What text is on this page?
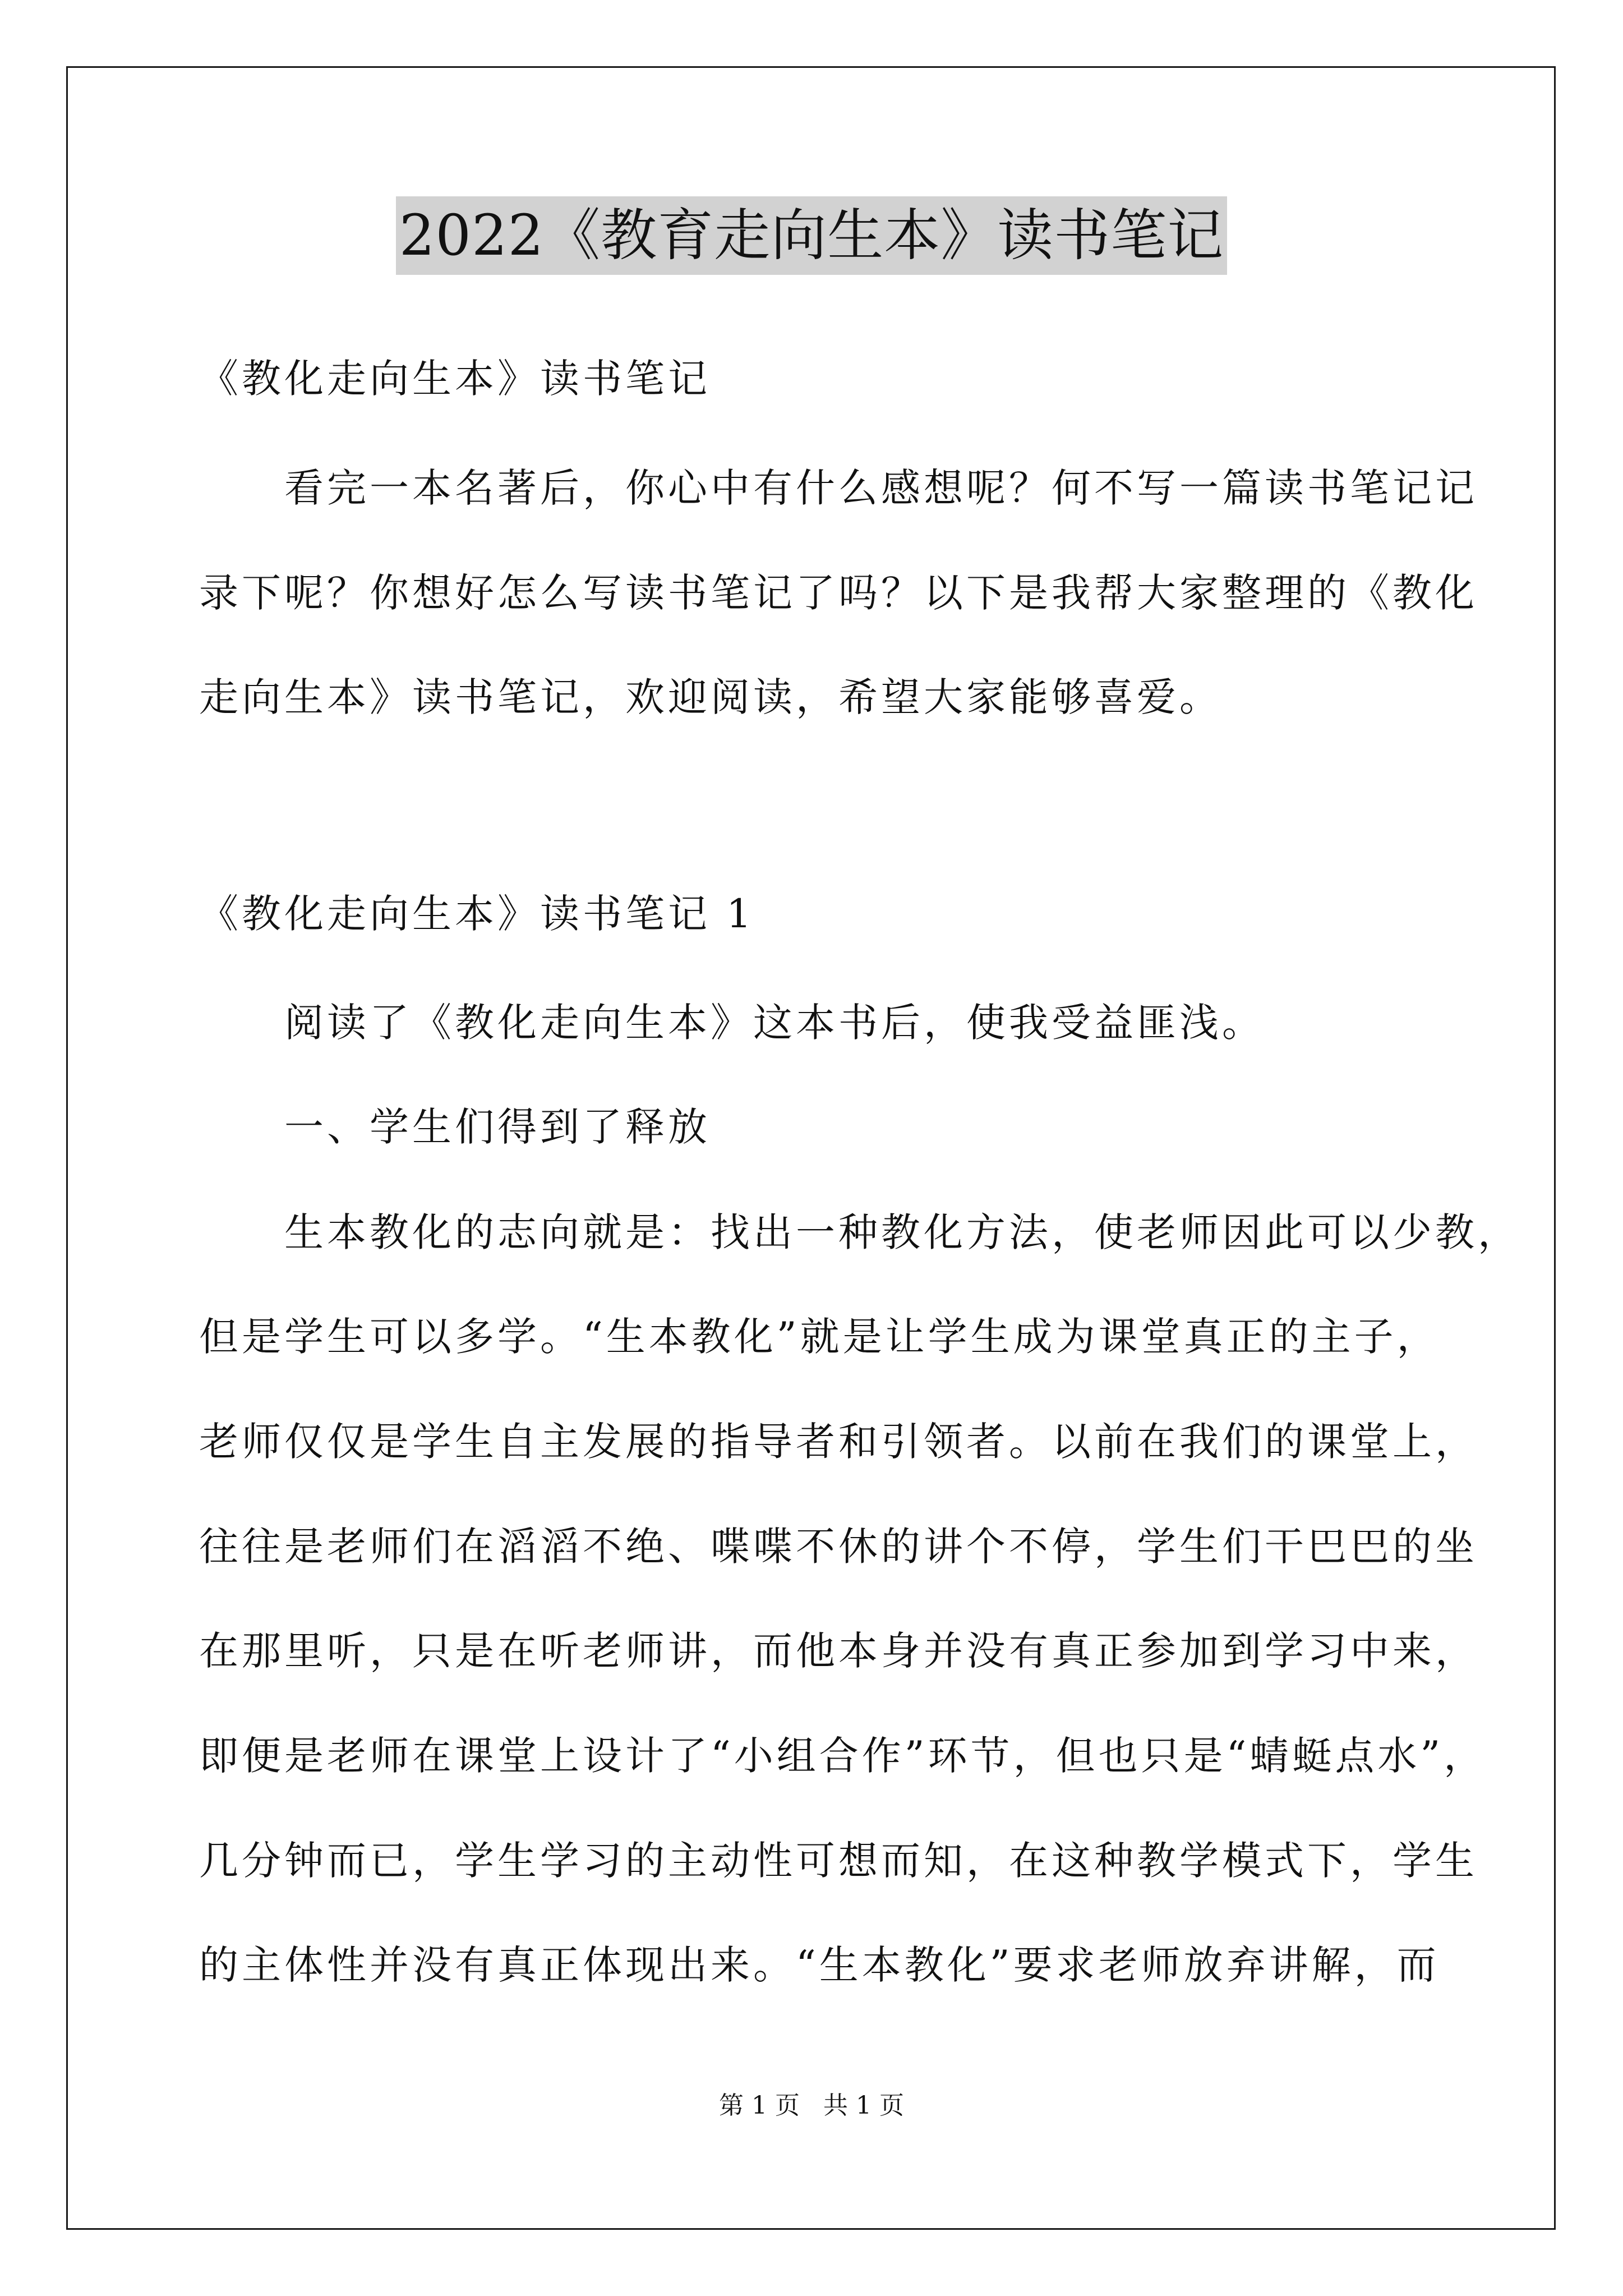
2022《教育走向生本》读书笔记
《教化走向生本》读书笔记
　　看完一本名著后，你心中有什么感想呢？何不写一篇读书笔记记
录下呢？你想好怎么写读书笔记了吗？以下是我帮大家整理的《教化
走向生本》读书笔记，欢迎阅读，希望大家能够喜爱。
《教化走向生本》读书笔记 1
　　阅读了《教化走向生本》这本书后，使我受益匪浅。
　　一、学生们得到了释放
　　生本教化的志向就是：找出一种教化方法，使老师因此可以少教，
但是学生可以多学。“生本教化”就是让学生成为课堂真正的主子，
老师仅仅是学生自主发展的指导者和引领者。以前在我们的课堂上，
往往是老师们在滔滔不绝、喋喋不休的讲个不停，学生们干巴巴的坐
在那里听，只是在听老师讲，而他本身并没有真正参加到学习中来，
即便是老师在课堂上设计了“小组合作”环节，但也只是“蜻蜓点水”，
几分钟而已，学生学习的主动性可想而知，在这种教学模式下，学生
的主体性并没有真正体现出来。“生本教化”要求老师放弃讲解，而
第 1 页 共 1 页
